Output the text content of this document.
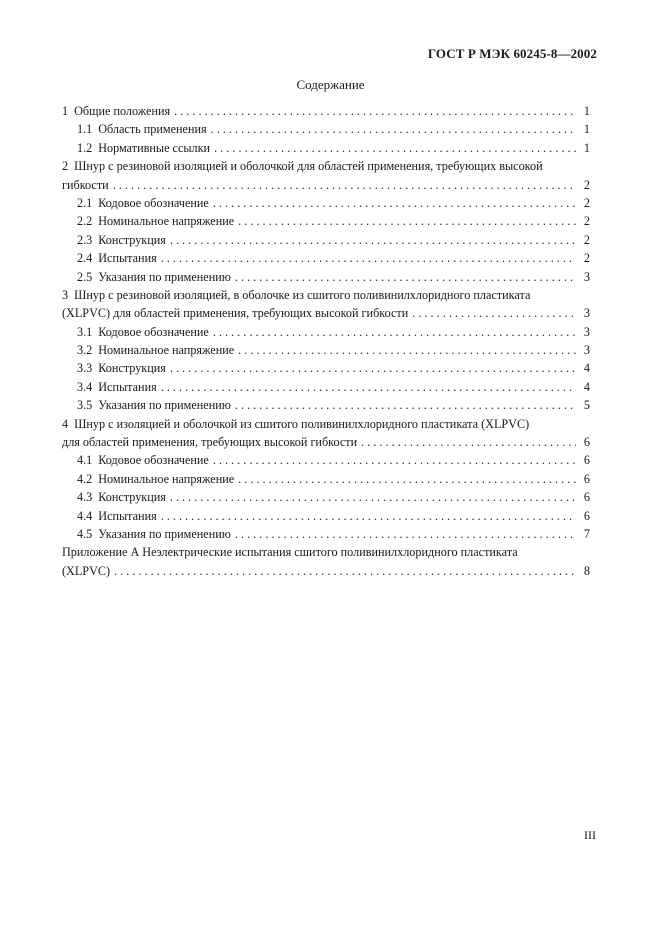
ГОСТ Р МЭК 60245-8—2002
Содержание
1 Общие положения . . .	1
1.1 Область применения . . .	1
1.2 Нормативные ссылки . . .	1
2 Шнур с резиновой изоляцией и оболочкой для областей применения, требующих высокой
гибкости . . .	2
2.1 Кодовое обозначение . . .	2
2.2 Номинальное напряжение . . .	2
2.3 Конструкция . . .	2
2.4 Испытания . . .	2
2.5 Указания по применению . . .	3
3 Шнур с резиновой изоляцией, в оболочке из сшитого поливинилхлоридного пластиката
(XLPVC) для областей применения, требующих высокой гибкости . . .	3
3.1 Кодовое обозначение . . .	3
3.2 Номинальное напряжение . . .	3
3.3 Конструкция . . .	4
3.4 Испытания . . .	4
3.5 Указания по применению . . .	5
4 Шнур с изоляцией и оболочкой из сшитого поливинилхлоридного пластиката (XLPVC)
для областей применения, требующих высокой гибкости . . .	6
4.1 Кодовое обозначение . . .	6
4.2 Номинальное напряжение . . .	6
4.3 Конструкция . . .	6
4.4 Испытания . . .	6
4.5 Указания по применению . . .	7
Приложение А Неэлектрические испытания сшитого поливинилхлоридного пластиката
(XLPVC) . . .	8
III
